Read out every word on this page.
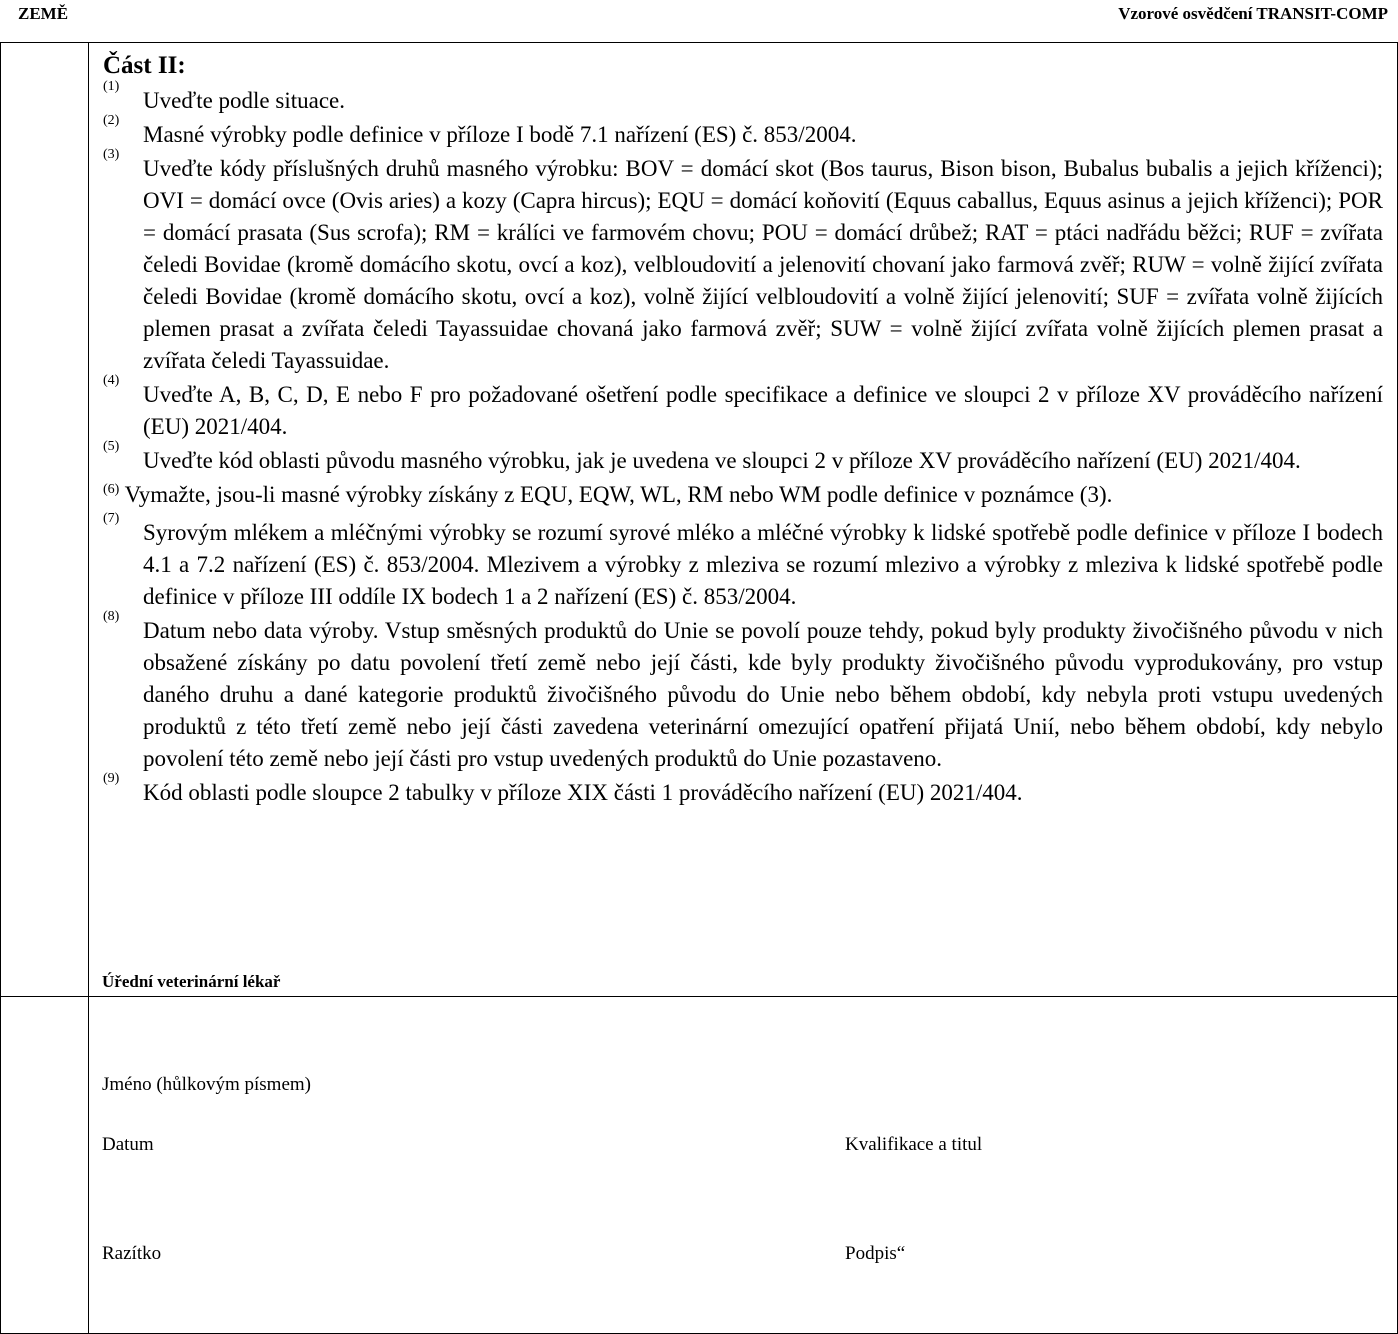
ZEMĚ	Vzorové osvědčení TRANSIT-COMP

Část II:

(1)
Uveďte podle situace.
(2)
Masné výrobky podle definice v příloze I bodě 7.1 nařízení (ES) č. 853/2004.
(3)
Uveďte kódy příslušných druhů masného výrobku: BOV = domácí skot (Bos taurus, Bison bison, Bubalus bubalis a jejich kříženci); OVI = domácí ovce (Ovis aries) a kozy (Capra hircus); EQU = domácí koňovití (Equus caballus, Equus asinus a jejich kříženci); POR = domácí prasata (Sus scrofa); RM = králíci ve farmovém chovu; POU = domácí drůbež; RAT = ptáci nadřádu běžci; RUF = zvířata čeledi Bovidae (kromě domácího skotu, ovcí a koz), velbloudovití a jelenovití chovaní jako farmová zvěř; RUW = volně žijící zvířata čeledi Bovidae (kromě domácího skotu, ovcí a koz), volně žijící velbloudovití a volně žijící jelenovití; SUF = zvířata volně žijících plemen prasat a zvířata čeledi Tayassuidae chovaná jako farmová zvěř; SUW = volně žijící zvířata volně žijících plemen prasat a zvířata čeledi Tayassuidae.
(4)
Uveďte A, B, C, D, E nebo F pro požadované ošetření podle specifikace a definice ve sloupci 2 v příloze XV prováděcího nařízení (EU) 2021/404.
(5)
Uveďte kód oblasti původu masného výrobku, jak je uvedena ve sloupci 2 v příloze XV prováděcího nařízení (EU) 2021/404.
$^{(6)}$ Vymažte, jsou-li masné výrobky získány z EQU, EQW, WL, RM nebo WM podle definice v poznámce (3).
(7)
Syrovým mlékem a mléčnými výrobky se rozumí syrové mléko a mléčné výrobky k lidské spotřebě podle definice v příloze I bodech 4.1 a 7.2 nařízení (ES) č. 853/2004. Mlezivem a výrobky z mleziva se rozumí mlezivo a výrobky z mleziva k lidské spotřebě podle definice v příloze III oddíle IX bodech 1 a 2 nařízení (ES) č. 853/2004.
(8)
Datum nebo data výroby. Vstup směsných produktů do Unie se povolí pouze tehdy, pokud byly produkty živočišného původu v nich obsažené získány po datu povolení třetí země nebo její části, kde byly produkty živočišného původu vyprodukovány, pro vstup daného druhu a dané kategorie produktů živočišného původu do Unie nebo během období, kdy nebyla proti vstupu uvedených produktů z této třetí země nebo její části zavedena veterinární omezující opatření přijatá Unií, nebo během období, kdy nebylo povolení této země nebo její části pro vstup uvedených produktů do Unie pozastaveno.
(9)
Kód oblasti podle sloupce 2 tabulky v příloze XIX části 1 prováděcího nařízení (EU) 2021/404.
Úřední veterinární lékař
Jméno (hůlkovým písmem)
Datum	Kvalifikace a titul
Razítko	Podpis“
